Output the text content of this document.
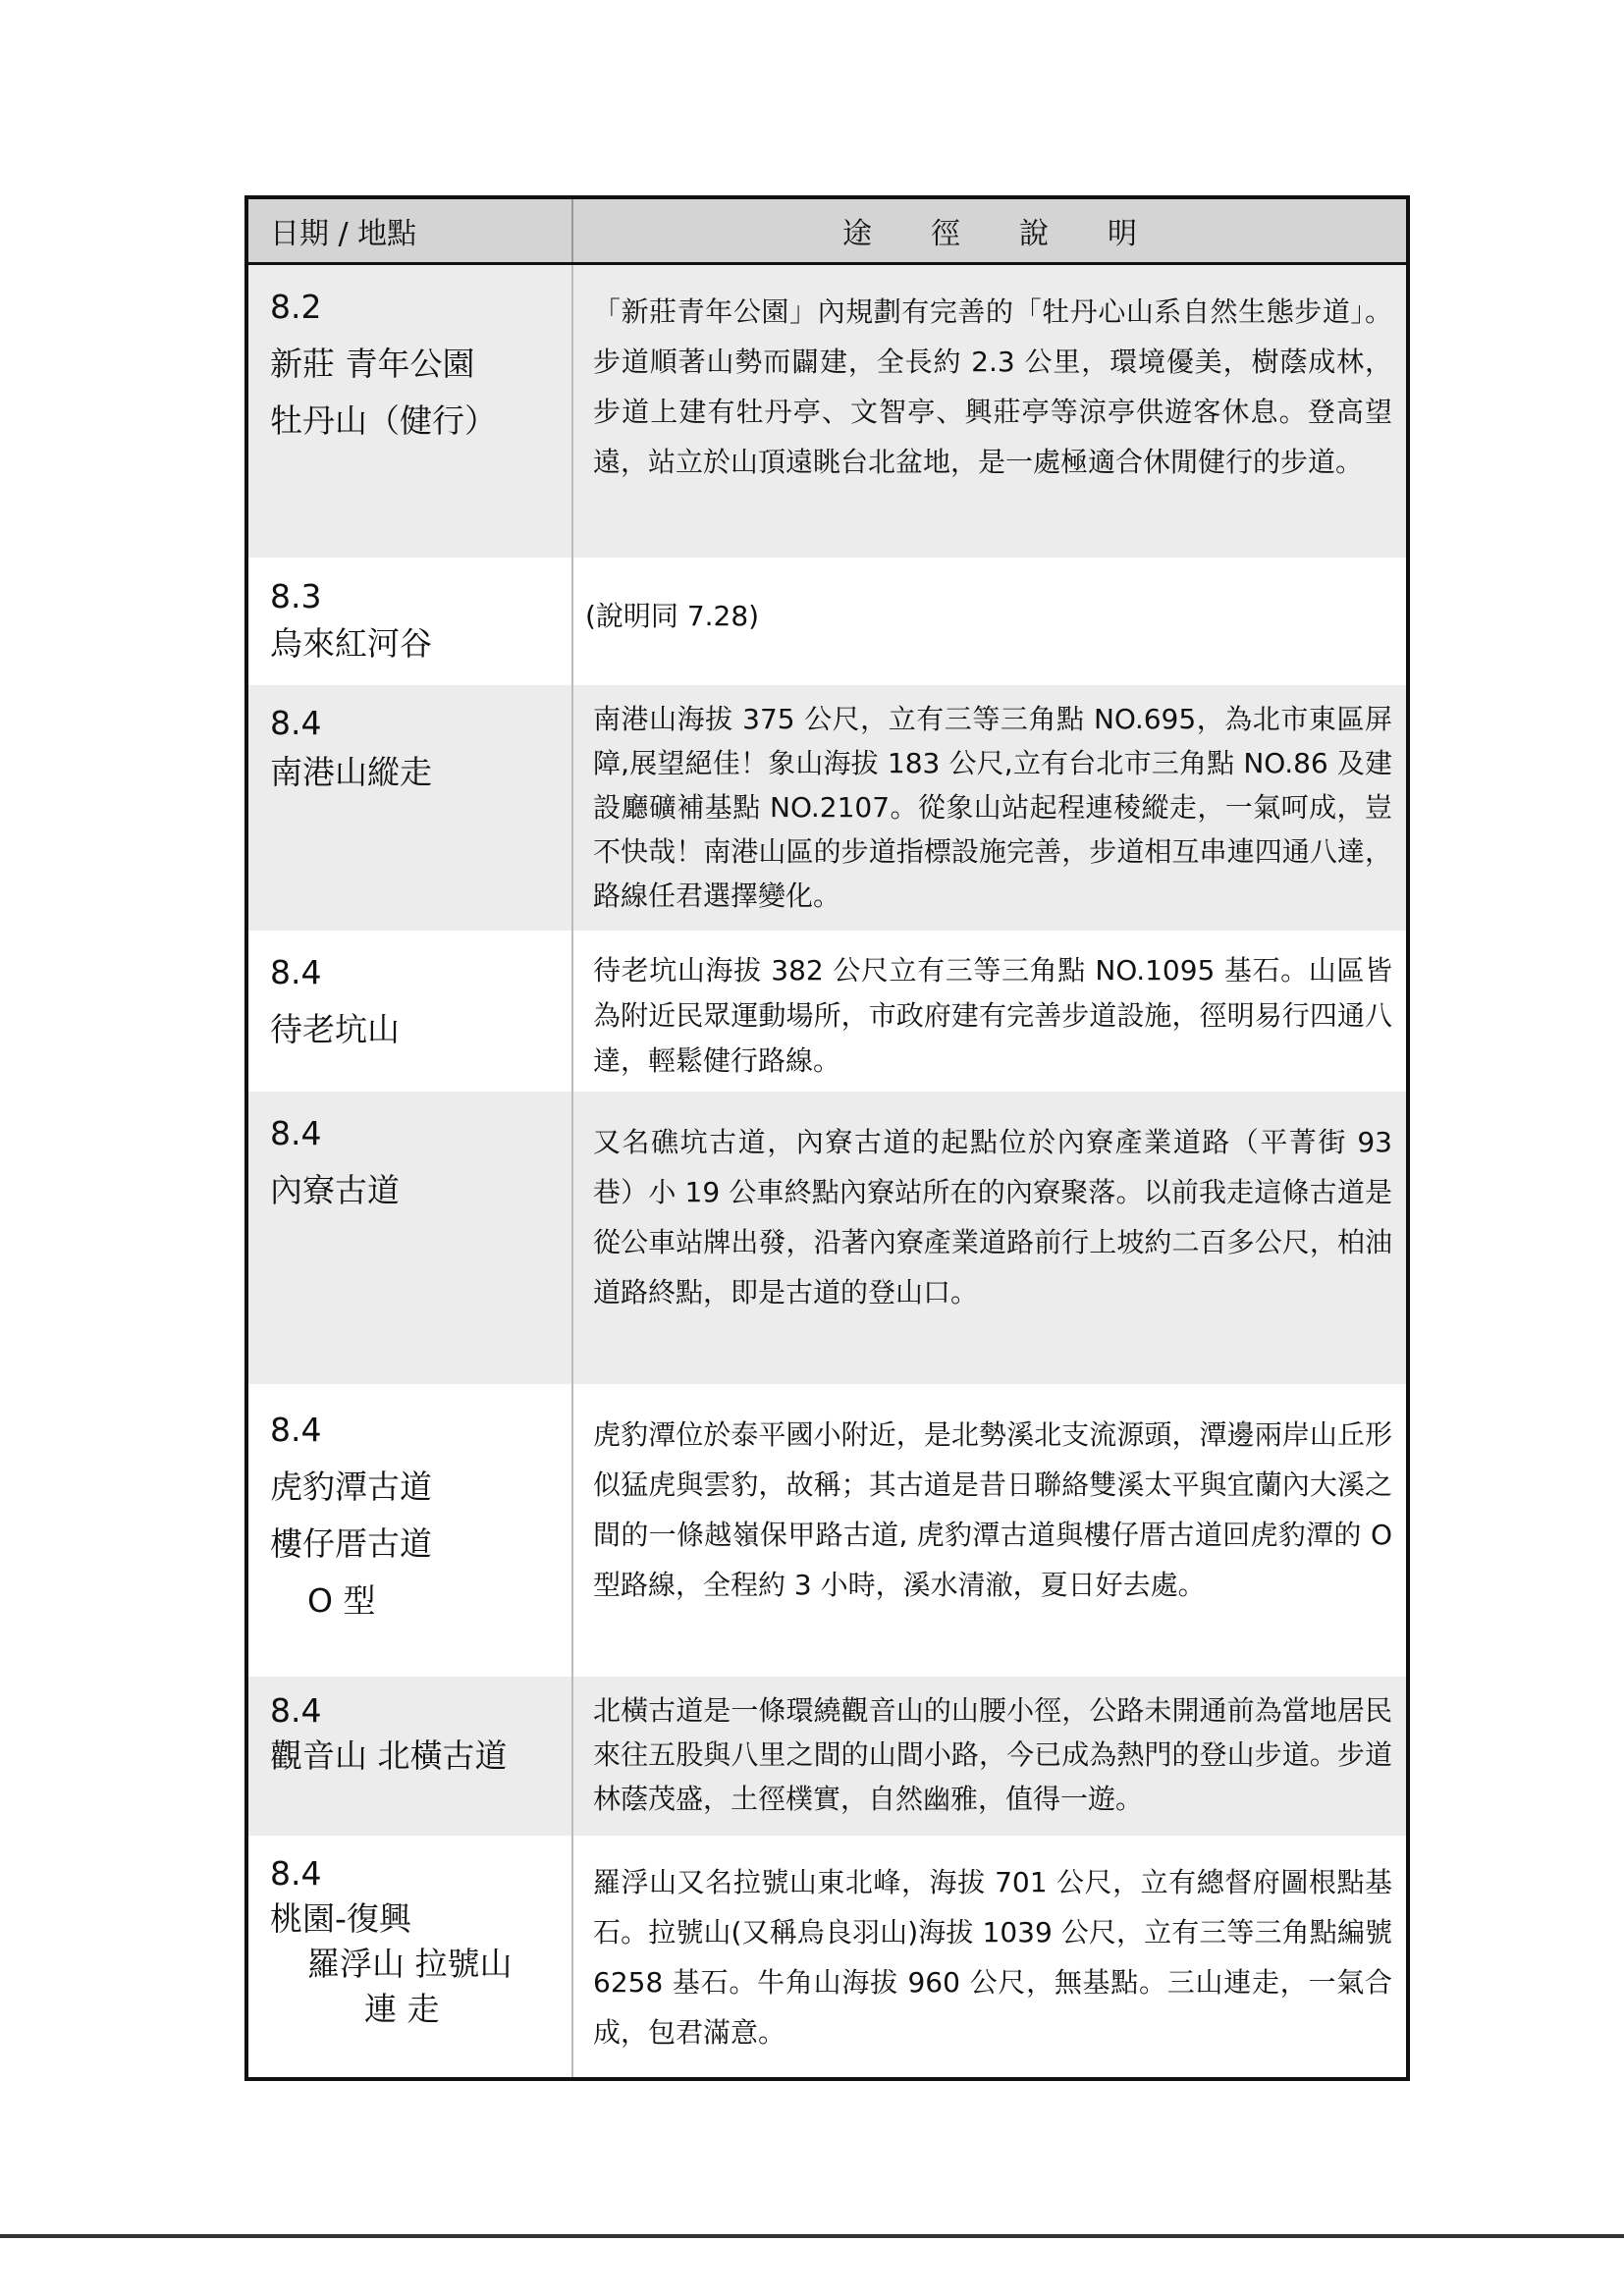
日期 / 地點	途徑說明
8.2
新莊 青年公園
牡丹山（健行）
「新莊青年公園」內規劃有完善的「牡丹心山系自然生態步道」。步道順著山勢而闢建，全長約 2.3 公里，環境優美，樹蔭成林，步道上建有牡丹亭、文智亭、興莊亭等涼亭供遊客休息。登高望遠，站立於山頂遠眺台北盆地，是一處極適合休閒健行的步道。
8.3
烏來紅河谷
(說明同 7.28)
8.4
南港山縱走
南港山海拔 375 公尺，立有三等三角點 NO.695，為北市東區屏障,展望絕佳！象山海拔 183 公尺,立有台北市三角點 NO.86 及建設廳礦補基點 NO.2107。從象山站起程連稜縱走，一氣呵成，豈不快哉！南港山區的步道指標設施完善，步道相互串連四通八達，路線任君選擇變化。
8.4
待老坑山
待老坑山海拔 382 公尺立有三等三角點 NO.1095 基石。山區皆為附近民眾運動場所，市政府建有完善步道設施，徑明易行四通八達，輕鬆健行路線。
8.4
內寮古道
又名礁坑古道，內寮古道的起點位於內寮產業道路（平菁街 93 巷）小 19 公車終點內寮站所在的內寮聚落。以前我走這條古道是從公車站牌出發，沿著內寮產業道路前行上坡約二百多公尺，柏油道路終點，即是古道的登山口。
8.4
虎豹潭古道
樓仔厝古道
O 型
虎豹潭位於泰平國小附近，是北勢溪北支流源頭，潭邊兩岸山丘形似猛虎與雲豹，故稱；其古道是昔日聯絡雙溪太平與宜蘭內大溪之間的一條越嶺保甲路古道, 虎豹潭古道與樓仔厝古道回虎豹潭的 O 型路線，全程約 3 小時，溪水清澈，夏日好去處。
8.4
觀音山 北橫古道
北橫古道是一條環繞觀音山的山腰小徑，公路未開通前為當地居民來往五股與八里之間的山間小路，今已成為熱門的登山步道。步道林蔭茂盛，土徑樸實，自然幽雅，值得一遊。
8.4
桃園-復興
羅浮山 拉號山
連 走
羅浮山又名拉號山東北峰，海拔 701 公尺，立有總督府圖根點基石。拉號山(又稱烏良羽山)海拔 1039 公尺，立有三等三角點編號 6258 基石。牛角山海拔 960 公尺，無基點。三山連走，一氣合成，包君滿意。
